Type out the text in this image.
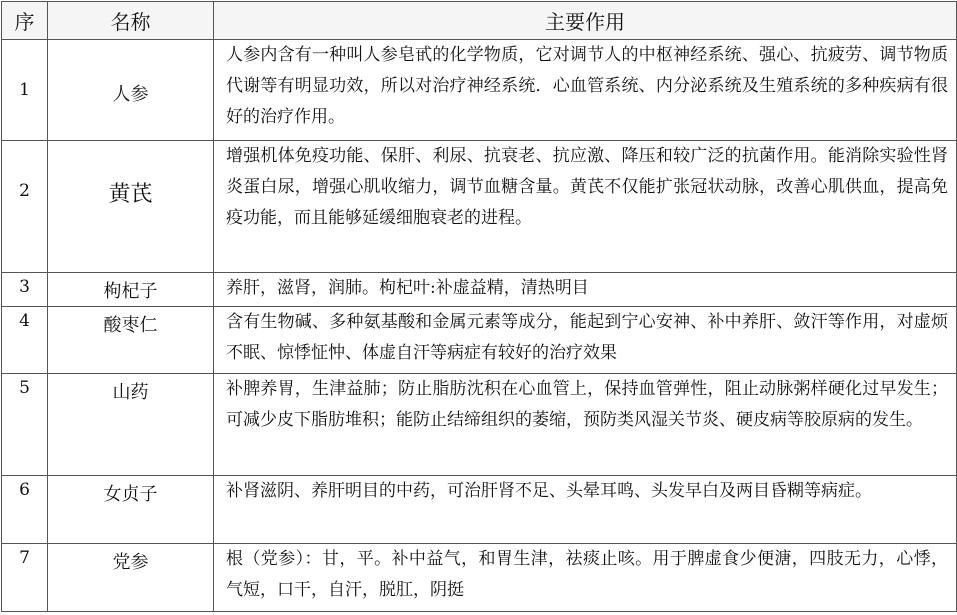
序	名称	主要作用
1	人参	人参内含有一种叫人参皂甙的化学物质，它对调节人的中枢神经系统、强心、抗疲劳、调节物质代谢等有明显功效，所以对治疗神经系统．心血管系统、内分泌系统及生殖系统的多种疾病有很好的治疗作用。
2	黄芪	增强机体免疫功能、保肝、利尿、抗衰老、抗应激、降压和较广泛的抗菌作用。能消除实验性肾炎蛋白尿，增强心肌收缩力，调节血糖含量。黄芪不仅能扩张冠状动脉，改善心肌供血，提高免疫功能，而且能够延缓细胞衰老的进程。
3	枸杞子	养肝，滋肾，润肺。枸杞叶:补虚益精，清热明目
4	酸枣仁	含有生物碱、多种氨基酸和金属元素等成分，能起到宁心安神、补中养肝、敛汗等作用，对虚烦不眠、惊悸怔忡、体虚自汗等病症有较好的治疗效果
5	山药	补脾养胃，生津益肺；防止脂肪沈积在心血管上，保持血管弹性，阻止动脉粥样硬化过早发生；可减少皮下脂肪堆积；能防止结缔组织的萎缩，预防类风湿关节炎、硬皮病等胶原病的发生。
6	女贞子	补肾滋阴、养肝明目的中药，可治肝肾不足、头晕耳鸣、头发早白及两目昏糊等病症。
7	党参	根（党参）：甘，平。补中益气，和胃生津，祛痰止咳。用于脾虚食少便溏，四肢无力，心悸，气短，口干，自汗，脱肛，阴挺
